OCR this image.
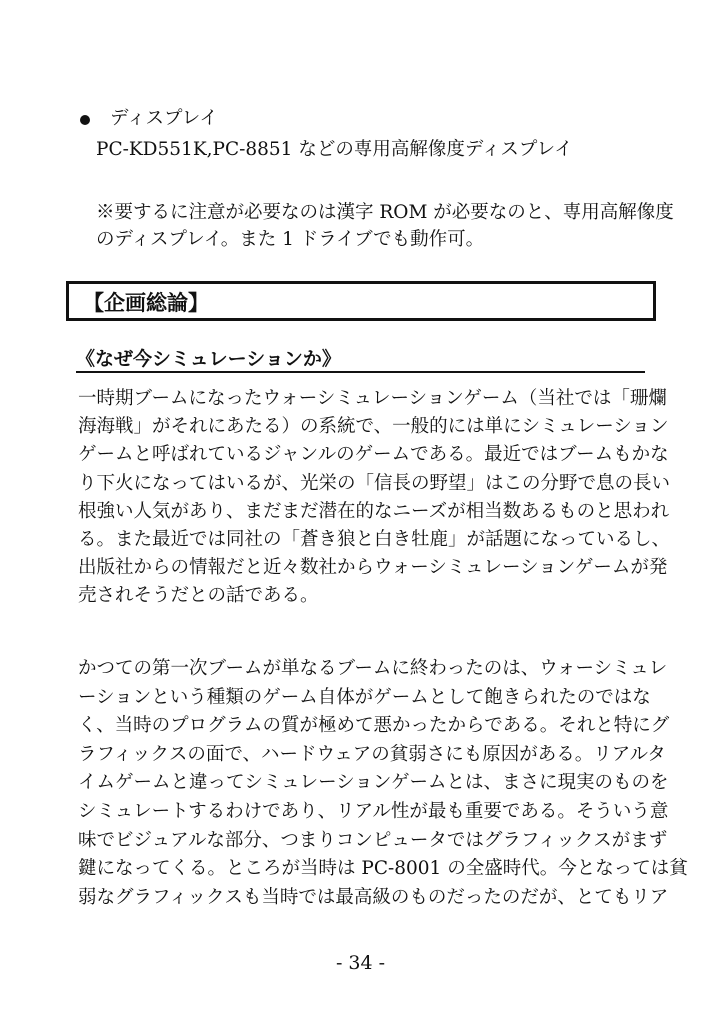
ディスプレイ
PC-KD551K,PC-8851 などの専用高解像度ディスプレイ
※要するに注意が必要なのは漢字 ROM が必要なのと、専用高解像度
のディスプレイ。また 1 ドライブでも動作可。
【企画総論】
《なぜ今シミュレーションか》
一時期ブームになったウォーシミュレーションゲーム（当社では「珊爛
海海戦」がそれにあたる）の系統で、一般的には単にシミュレーション
ゲームと呼ばれているジャンルのゲームである。最近ではブームもかな
り下火になってはいるが、光栄の「信長の野望」はこの分野で息の長い
根強い人気があり、まだまだ潜在的なニーズが相当数あるものと思われ
る。また最近では同社の「蒼き狼と白き牡鹿」が話題になっているし、
出版社からの情報だと近々数社からウォーシミュレーションゲームが発
売されそうだとの話である。
かつての第一次ブームが単なるブームに終わったのは、ウォーシミュレ
ーションという種類のゲーム自体がゲームとして飽きられたのではな
く、当時のプログラムの質が極めて悪かったからである。それと特にグ
ラフィックスの面で、ハードウェアの貧弱さにも原因がある。リアルタ
イムゲームと違ってシミュレーションゲームとは、まさに現実のものを
シミュレートするわけであり、リアル性が最も重要である。そういう意
味でビジュアルな部分、つまりコンピュータではグラフィックスがまず
鍵になってくる。ところが当時は PC-8001 の全盛時代。今となっては貧
弱なグラフィックスも当時では最高級のものだったのだが、とてもリア
- 34 -
